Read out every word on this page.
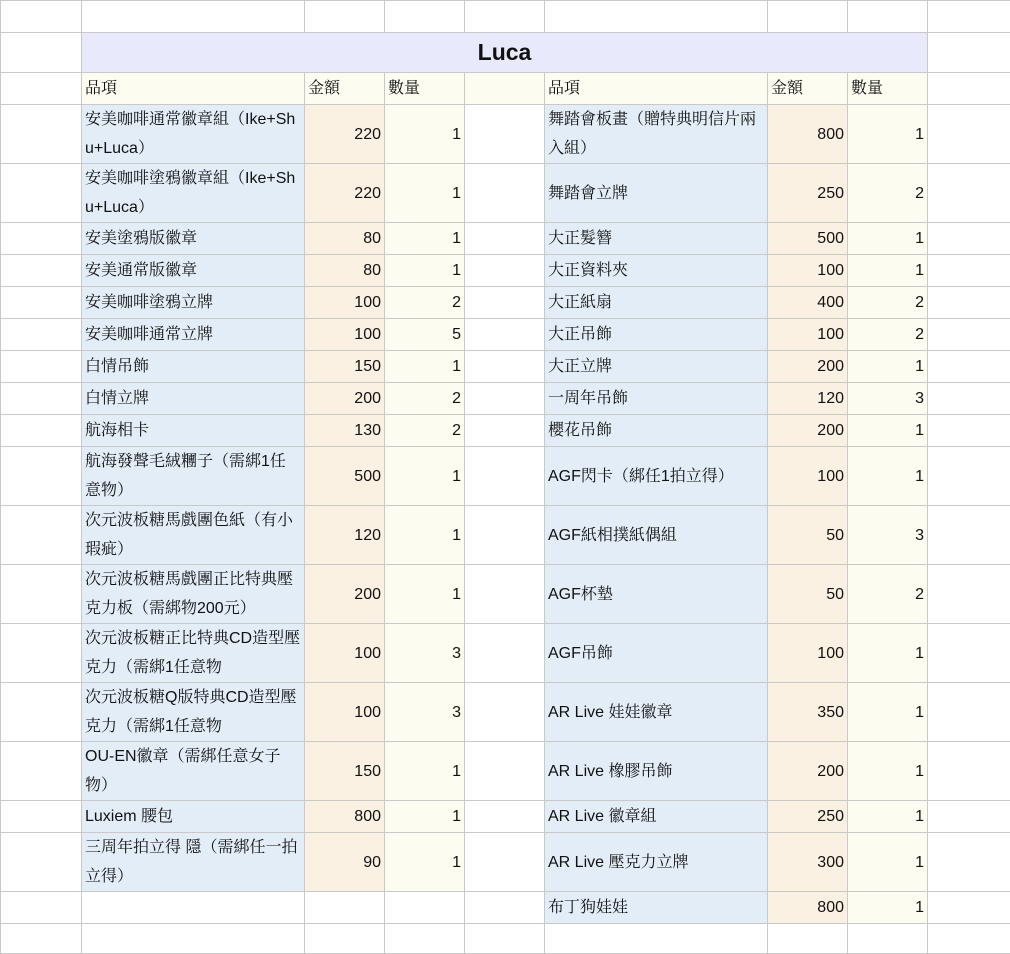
	Luca							
	品項	金額	數量		品項	金額	數量	
	安美咖啡通常徽章組（Ike+Shu+Luca）	220	1		舞踏會板畫（贈特典明信片兩入組）	800	1	
	安美咖啡塗鴉徽章組（Ike+Shu+Luca）	220	1		舞踏會立牌	250	2	
	安美塗鴉版徽章	80	1		大正髮簪	500	1	
	安美通常版徽章	80	1		大正資料夾	100	1	
	安美咖啡塗鴉立牌	100	2		大正紙扇	400	2	
	安美咖啡通常立牌	100	5		大正吊飾	100	2	
	白情吊飾	150	1		大正立牌	200	1	
	白情立牌	200	2		一周年吊飾	120	3	
	航海相卡	130	2		櫻花吊飾	200	1	
	航海發聲毛絨糰子（需綁1任意物）	500	1		AGF閃卡（綁任1拍立得）	100	1	
	次元波板糖馬戲團色紙（有小瑕疵）	120	1		AGF紙相撲紙偶組	50	3	
	次元波板糖馬戲團正比特典壓克力板（需綁物200元）	200	1		AGF杯墊	50	2	
	次元波板糖正比特典CD造型壓克力（需綁1任意物	100	3		AGF吊飾	100	1	
	次元波板糖Q版特典CD造型壓克力（需綁1任意物	100	3		AR Live 娃娃徽章	350	1	
	OU-EN徽章（需綁任意女子物）	150	1		AR Live 橡膠吊飾	200	1	
	Luxiem 腰包	800	1		AR Live 徽章組	250	1	
	三周年拍立得 隱（需綁任一拍立得）	90	1		AR Live 壓克力立牌	300	1	
					布丁狗娃娃	800	1	
